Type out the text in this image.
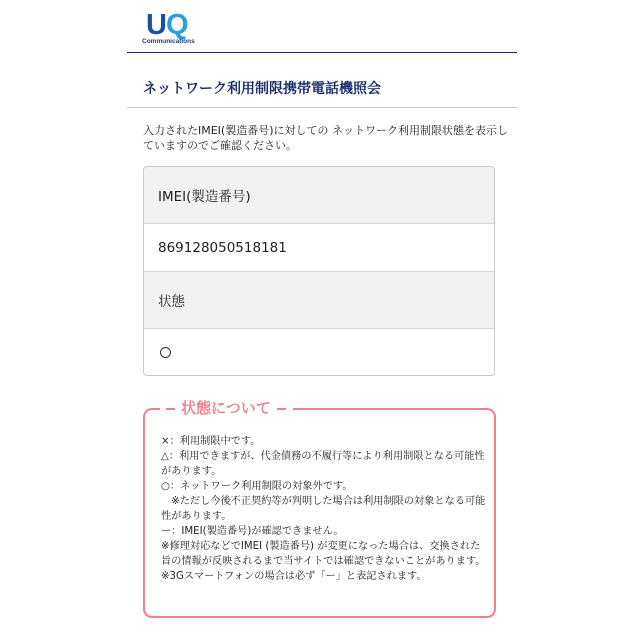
UQ
Communications
ネットワーク利用制限携帯電話機照会
入力されたIMEI(製造番号)に対しての ネットワーク利用制限状態を表示していますのでご確認ください。
IMEI(製造番号)
869128050518181
状態
状態について
×：利用制限中です。
△：利用できますが、代金債務の不履行等により利用制限となる可能性があります。
○：ネットワーク利用制限の対象外です。
　※ただし今後不正契約等が判明した場合は利用制限の対象となる可能性があります。
ー：IMEI(製造番号)が確認できません。
※修理対応などでIMEI (製造番号) が変更になった場合は、交換された旨の情報が反映されるまで当サイトでは確認できないことがあります。
※3Gスマートフォンの場合は必ず「ー」と表記されます。
